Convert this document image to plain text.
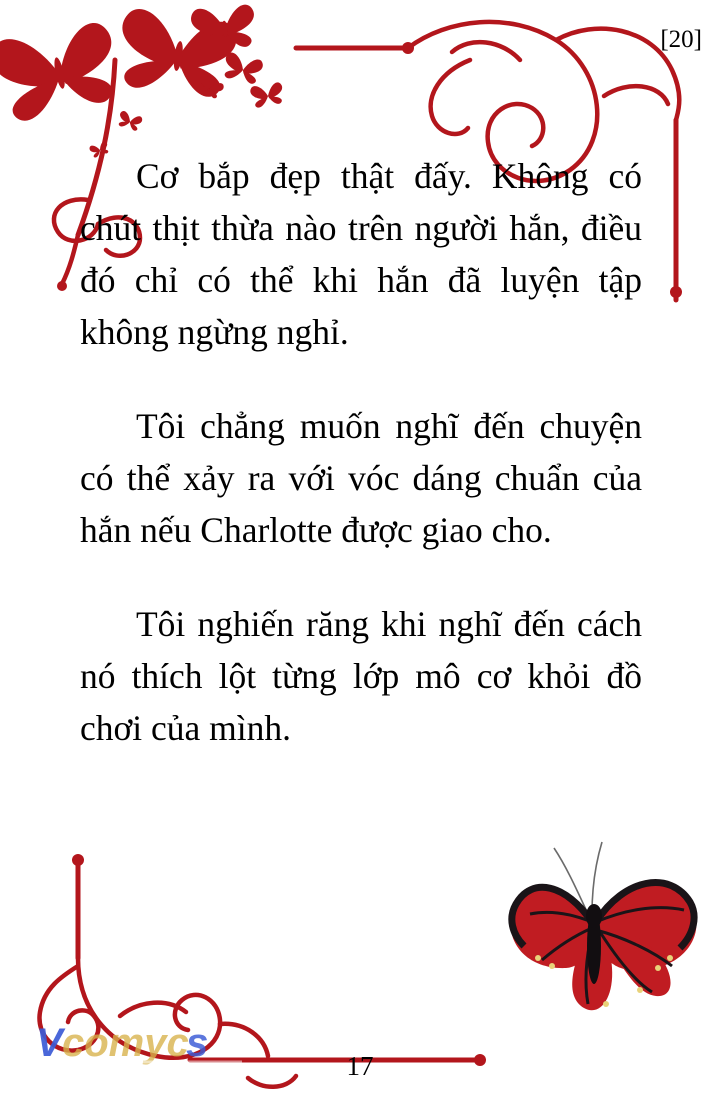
[20]

Cơ bắp đẹp thật đấy. Không có chút thịt thừa nào trên người hắn, điều đó chỉ có thể khi hắn đã luyện tập không ngừng nghỉ.

Tôi chẳng muốn nghĩ đến chuyện có thể xảy ra với vóc dáng chuẩn của hắn nếu Charlotte được giao cho.

Tôi nghiến răng khi nghĩ đến cách nó thích lột từng lớp mô cơ khỏi đồ chơi của mình.

V comyc
s
17
